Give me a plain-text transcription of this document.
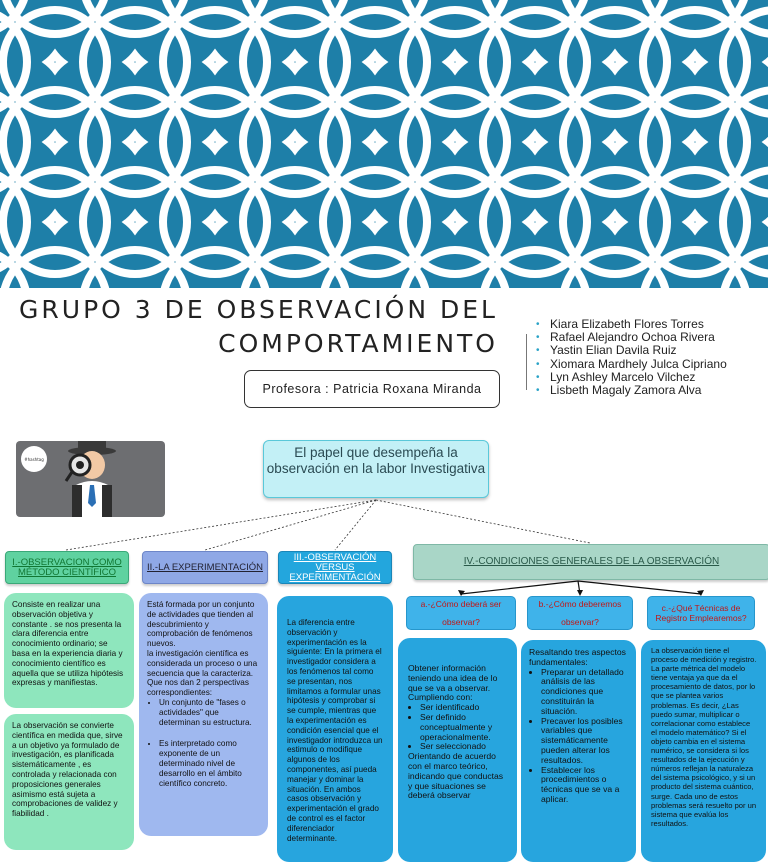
GRUPO 3 DE OBSERVACIÓN DEL
COMPORTAMIENTO
Profesora : Patricia Roxana Miranda
• Kiara Elizabeth Flores Torres
• Rafael Alejandro Ochoa Rivera
• Yastin Elian Davila Ruiz
• Xiomara Mardhely Julca Cipriano
• Lyn Ashley Marcelo Vilchez
• Lisbeth Magaly Zamora Alva
#hashtag	El papel que desempeña la observación en la labor Investigativa
I.-OBSERVACION COMO MÉTODO CIENTÍFICO	II.-LA EXPERIMENTACIÓN
III.-OBSERVACIÓN VERSUS EXPERIMENTACIÓN
IV.-CONDICIONES GENERALES DE LA OBSERVACIÓN
a.-¿Cómo deberá ser observar?
b.-¿Cómo deberemos observar?
c.-¿Qué Técnicas de Registro Emplearemos?
Consiste en realizar una observación objetiva y constante . se nos presenta la clara diferencia entre conocimiento ordinario; se basa en la experiencia diaria y conocimiento científico es aquella que se utiliza hipótesis expresas y manifiestas.
La observación se convierte científica en medida que, sirve a un objetivo ya formulado de investigación, es planificada sistemáticamente , es controlada y relacionada con proposiciones generales asimismo está sujeta a comprobaciones de validez y fiabilidad .

Está formada por un conjunto de actividades que tienden al descubrimiento y comprobación de fenómenos nuevos.

la investigación científica es considerada un proceso o una secuencia que la caracteriza.

Que nos dan 2 perspectivas correspondientes:

• Un conjunto de "fases o actividades" que determinan su estructura.
• Es interpretado como exponente de un determinado nivel de desarrollo en el ámbito científico concreto.
La diferencia entre observación y experimentación es la siguiente: En la primera el investigador considera a los fenómenos tal como se presentan, nos limitamos a formular unas hipótesis y comprobar si se cumple, mientras que la experimentación es condición esencial que el investigador introduzca un estimulo o modifique algunos de los componentes, así pueda manejar y dominar la situación. En ambos casos observación y experimentación el grado de control es el factor diferenciador determinante.

Obtener información teniendo una idea de lo que se va a observar. Cumpliendo con:

• Ser identificado
• Ser definido conceptualmente y operacionalmente.
• Ser seleccionado

Orientando de acuerdo con el marco teórico, indicando que conductas y que situaciones se deberá observar

Resaltando tres aspectos fundamentales:

• Preparar un detallado análisis de las condiciones que constituirán la situación.
• Precaver los posibles variables que sistemáticamente pueden alterar los resultados.
• Establecer los procedimientos o técnicas que se va a aplicar.
La observación tiene el proceso de medición y registro. La parte métrica del modelo tiene ventaja ya que da el procesamiento de datos, por lo que se plantea varios problemas. Es decir, ¿Las puedo sumar, multiplicar o correlacionar como establece el modelo matemático? Si el objeto cambia en el sistema numérico, se considera si los resultados de la ejecución y números reflejan la naturaleza del sistema psicológico, y si un producto del sistema cuántico, surge. Cada uno de estos problemas será resuelto por un sistema que evalúa los resultados.
